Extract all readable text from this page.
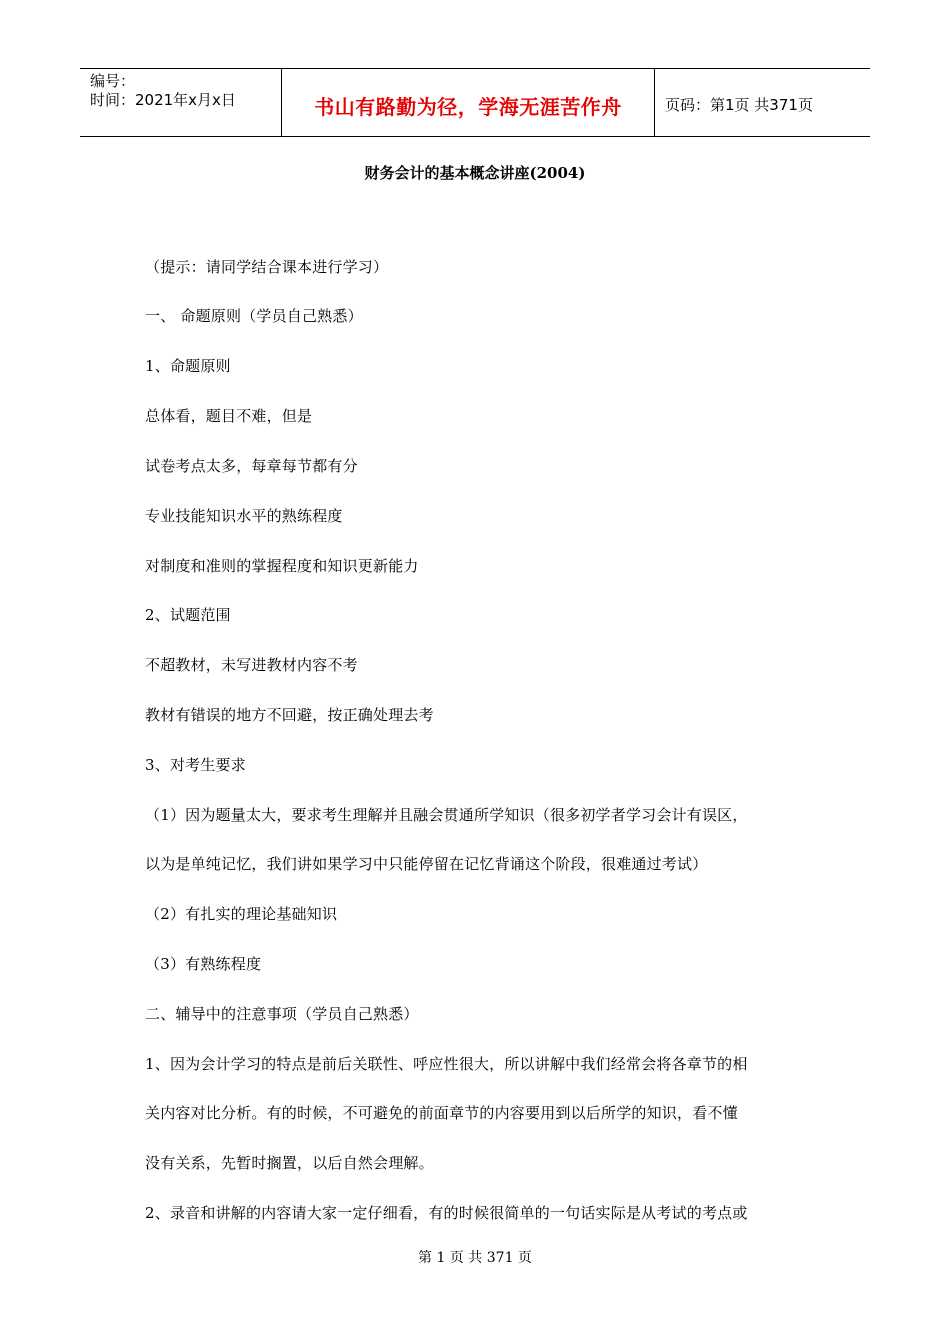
编号：
时间：2021年x月x日	书山有路勤为径，学海无涯苦作舟	页码：第1页 共371页
财务会计的基本概念讲座(2004)
（提示：请同学结合课本进行学习）
一、 命题原则（学员自己熟悉）
1、命题原则
总体看，题目不难，但是
试卷考点太多，每章每节都有分
专业技能知识水平的熟练程度
对制度和准则的掌握程度和知识更新能力
2、试题范围
不超教材，未写进教材内容不考
教材有错误的地方不回避，按正确处理去考
3、对考生要求
（1）因为题量太大，要求考生理解并且融会贯通所学知识（很多初学者学习会计有误区，
以为是单纯记忆，我们讲如果学习中只能停留在记忆背诵这个阶段，很难通过考试）
（2）有扎实的理论基础知识
（3）有熟练程度
二、辅导中的注意事项（学员自己熟悉）
1、因为会计学习的特点是前后关联性、呼应性很大，所以讲解中我们经常会将各章节的相
关内容对比分析。有的时候，不可避免的前面章节的内容要用到以后所学的知识，看不懂
没有关系，先暂时搁置，以后自然会理解。
2、录音和讲解的内容请大家一定仔细看，有的时候很简单的一句话实际是从考试的考点或
第 1 页 共 371 页
